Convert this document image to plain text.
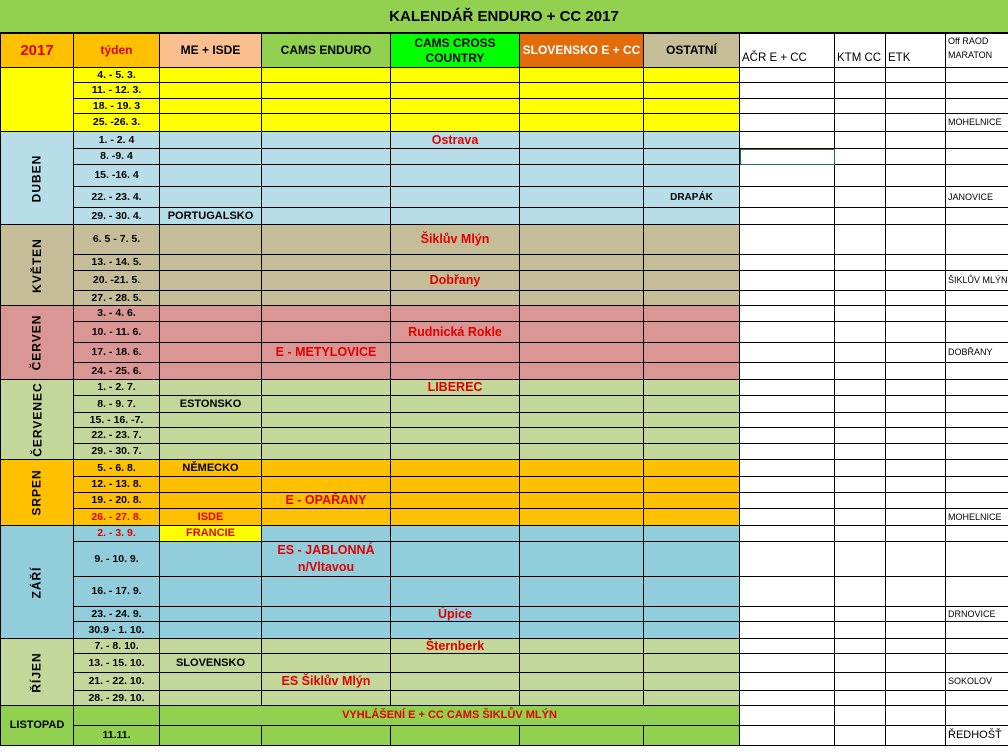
KALENDÁŘ ENDURO + CC 2017
2017	týden	ME + ISDE	CAMS ENDURO	CAMS CROSS COUNTRY	SLOVENSKO E + CC	OSTATNÍ	AČR E + CC	KTM CC	ETK	Off RAOD MARATON
	4. - 5. 3.									
	11. - 12. 3.									
	18. - 19. 3									
	25. -26. 3.									MOHELNICE
DUBEN	1. - 2. 4			Ostrava						
	8. -9. 4									
	15. -16. 4									
	22. - 23. 4.					DRAPÁK				JANOVICE
	29. - 30. 4.	PORTUGALSKO								
KVĚTEN	6. 5 - 7. 5.			Šiklův Mlýn						
	13. - 14. 5.									
	20. -21. 5.			Dobřany						ŠIKLŮV MLÝN
	27. - 28. 5.									
ČERVEN	3. - 4. 6.									
	10. - 11. 6.			Rudnická Rokle						
	17. - 18. 6.		E - METYLOVICE							DOBŘANY
	24. - 25. 6.									
ČERVENEC	1. - 2. 7.			LIBEREC						
	8. - 9. 7.	ESTONSKO								
	15. - 16. -7.									
	22. - 23. 7.									
	29. - 30. 7.									
SRPEN	5. - 6. 8.	NĚMECKO								
	12. - 13. 8.									
	19. - 20. 8.		E - OPAŘANY							
	26. - 27. 8.	ISDE								MOHELNICE
ZÁŘÍ	2. - 3. 9.	FRANCIE								
	9. - 10. 9.		ES - JABLONNÁ n/Vltavou							
	16. - 17. 9.									
	23. - 24. 9.			Úpice						DRNOVICE
	30.9 - 1. 10.									
ŘÍJEN	7. - 8. 10.			Šternberk						
	13. - 15. 10.	SLOVENSKO								
	21. - 22. 10.		ES Šiklův Mlýn							SOKOLOV
	28. - 29. 10.									
LISTOPAD		VYHLÁŠENÍ E + CC CAMS ŠIKLŮV MLÝN								
	11.11.									ŘEDHOŠŤ
